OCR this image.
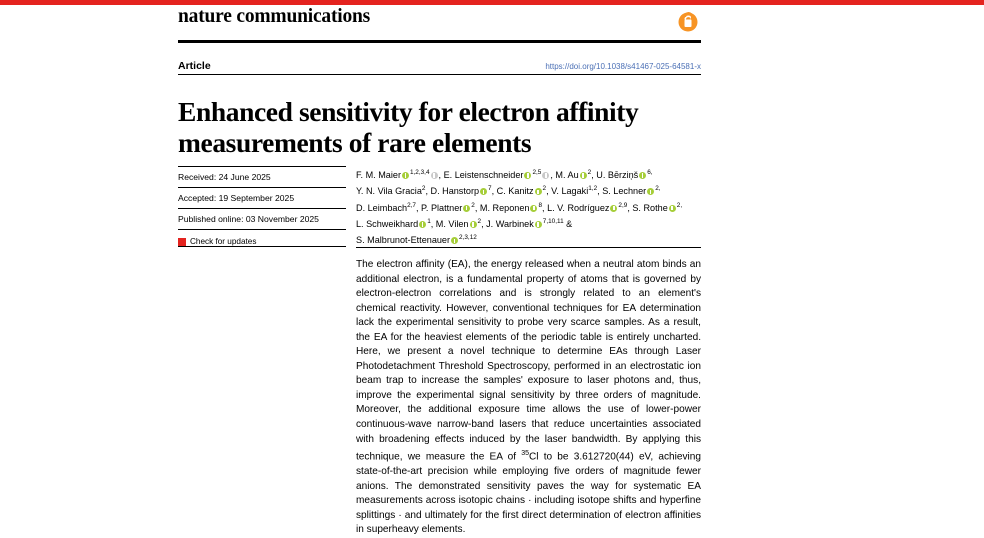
nature communications
Article	https://doi.org/10.1038/s41467-025-64581-x
Enhanced sensitivity for electron affinity measurements of rare elements
Received: 24 June 2025
Accepted: 19 September 2025
Published online: 03 November 2025
Check for updates
F. M. Maier $^{1,2,3,4}$ , E. Leistenschneider $^{2,5}$ , M. Au $^2$, U. Bērziņš $^{6,}$
Y. N. Vila Gracia$^2$, D. Hanstorp $^7$, C. Kanitz $^2$, V. Lagaki$^{1,2}$, S. Lechner $^{2,}$
D. Leimbach$^{2,7}$, P. Plattner $^2$, M. Reponen $^8$, L. V. Rodríguez $^{2,9}$, S. Rothe $^{2,}$
L. Schweikhard $^1$, M. Vilen $^2$, J. Warbinek $^{7,10,11}$ &
S. Malbrunot-Ettenauer $^{2,3,12}$
The electron affinity (EA), the energy released when a neutral atom binds an additional electron, is a fundamental property of atoms that is governed by electron-electron correlations and is strongly related to an element's chemical reactivity. However, conventional techniques for EA determination lack the experimental sensitivity to probe very scarce samples. As a result, the EA for the heaviest elements of the periodic table is entirely uncharted. Here, we present a novel technique to determine EAs through Laser Photodetachment Threshold Spectroscopy, performed in an electrostatic ion beam trap to increase the samples' exposure to laser photons and, thus, improve the experimental signal sensitivity by three orders of magnitude. Moreover, the additional exposure time allows the use of lower-power continuous-wave narrow-band lasers that reduce uncertainties associated with broadening effects induced by the laser bandwidth. By applying this technique, we measure the EA of $^{35}$Cl to be 3.612720(44) eV, achieving state-of-the-art precision while employing five orders of magnitude fewer anions. The demonstrated sensitivity paves the way for systematic EA measurements across isotopic chains · including isotope shifts and hyperfine splittings · and ultimately for the first direct determination of electron affinities in superheavy elements.
